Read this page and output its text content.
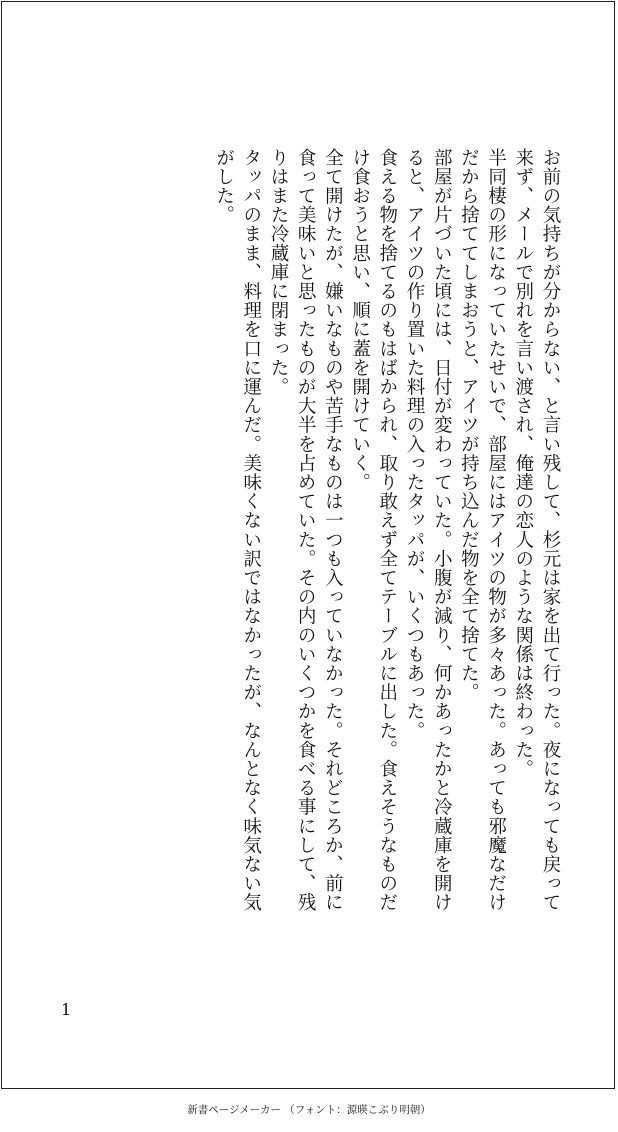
お前の気持ちが分からない、と言い残して、杉元は家を出て行った。夜になっても戻って来ず、メールで別れを言い渡され、俺達の恋人のような関係は終わった。

半同棲の形になっていたせいで、部屋にはアイツの物が多々あった。あっても邪魔なだけだから捨ててしまおうと、アイツが持ち込んだ物を全て捨てた。

部屋が片づいた頃には、日付が変わっていた。小腹が減り、何かあったかと冷蔵庫を開けると、アイツの作り置いた料理の入ったタッパが、いくつもあった。

食える物を捨てるのもはばかられ、取り敢えず全てテーブルに出した。食えそうなものだけ食おうと思い、順に蓋を開けていく。

全て開けたが、嫌いなものや苦手なものは一つも入っていなかった。それどころか、前に食って美味いと思ったものが大半を占めていた。その内のいくつかを食べる事にして、残りはまた冷蔵庫に閉まった。

タッパのまま、料理を口に運んだ。美味くない訳ではなかったが、なんとなく味気ない気がした。

1
新書ページメーカー （フォント：源暎こぶり明朝）
